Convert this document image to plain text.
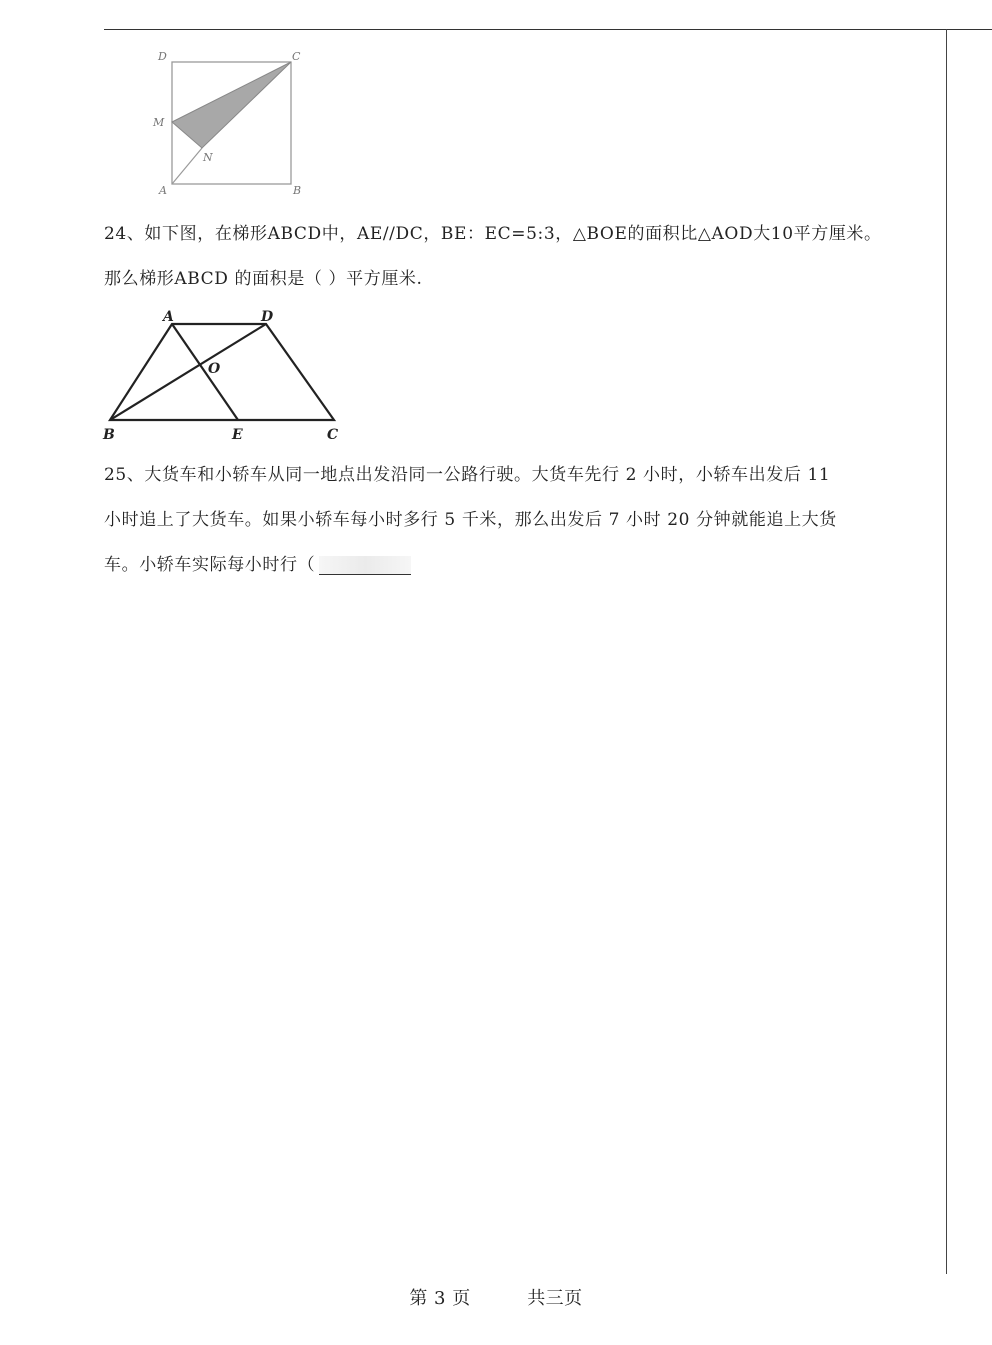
D	C
M
N
A	B
24、如下图，在梯形ABCD中，AE//DC，BE：EC=5:3，△BOE的面积比△AOD大10平方厘米。
那么梯形ABCD 的面积是（ ）平方厘米.
A	D
O
B	E	C
25、大货车和小轿车从同一地点出发沿同一公路行驶。大货车先行 2 小时，小轿车出发后 11
小时追上了大货车。如果小轿车每小时多行 5 千米，那么出发后 7 小时 20 分钟就能追上大货
车。小轿车实际每小时行（
第 3 页	共三页
